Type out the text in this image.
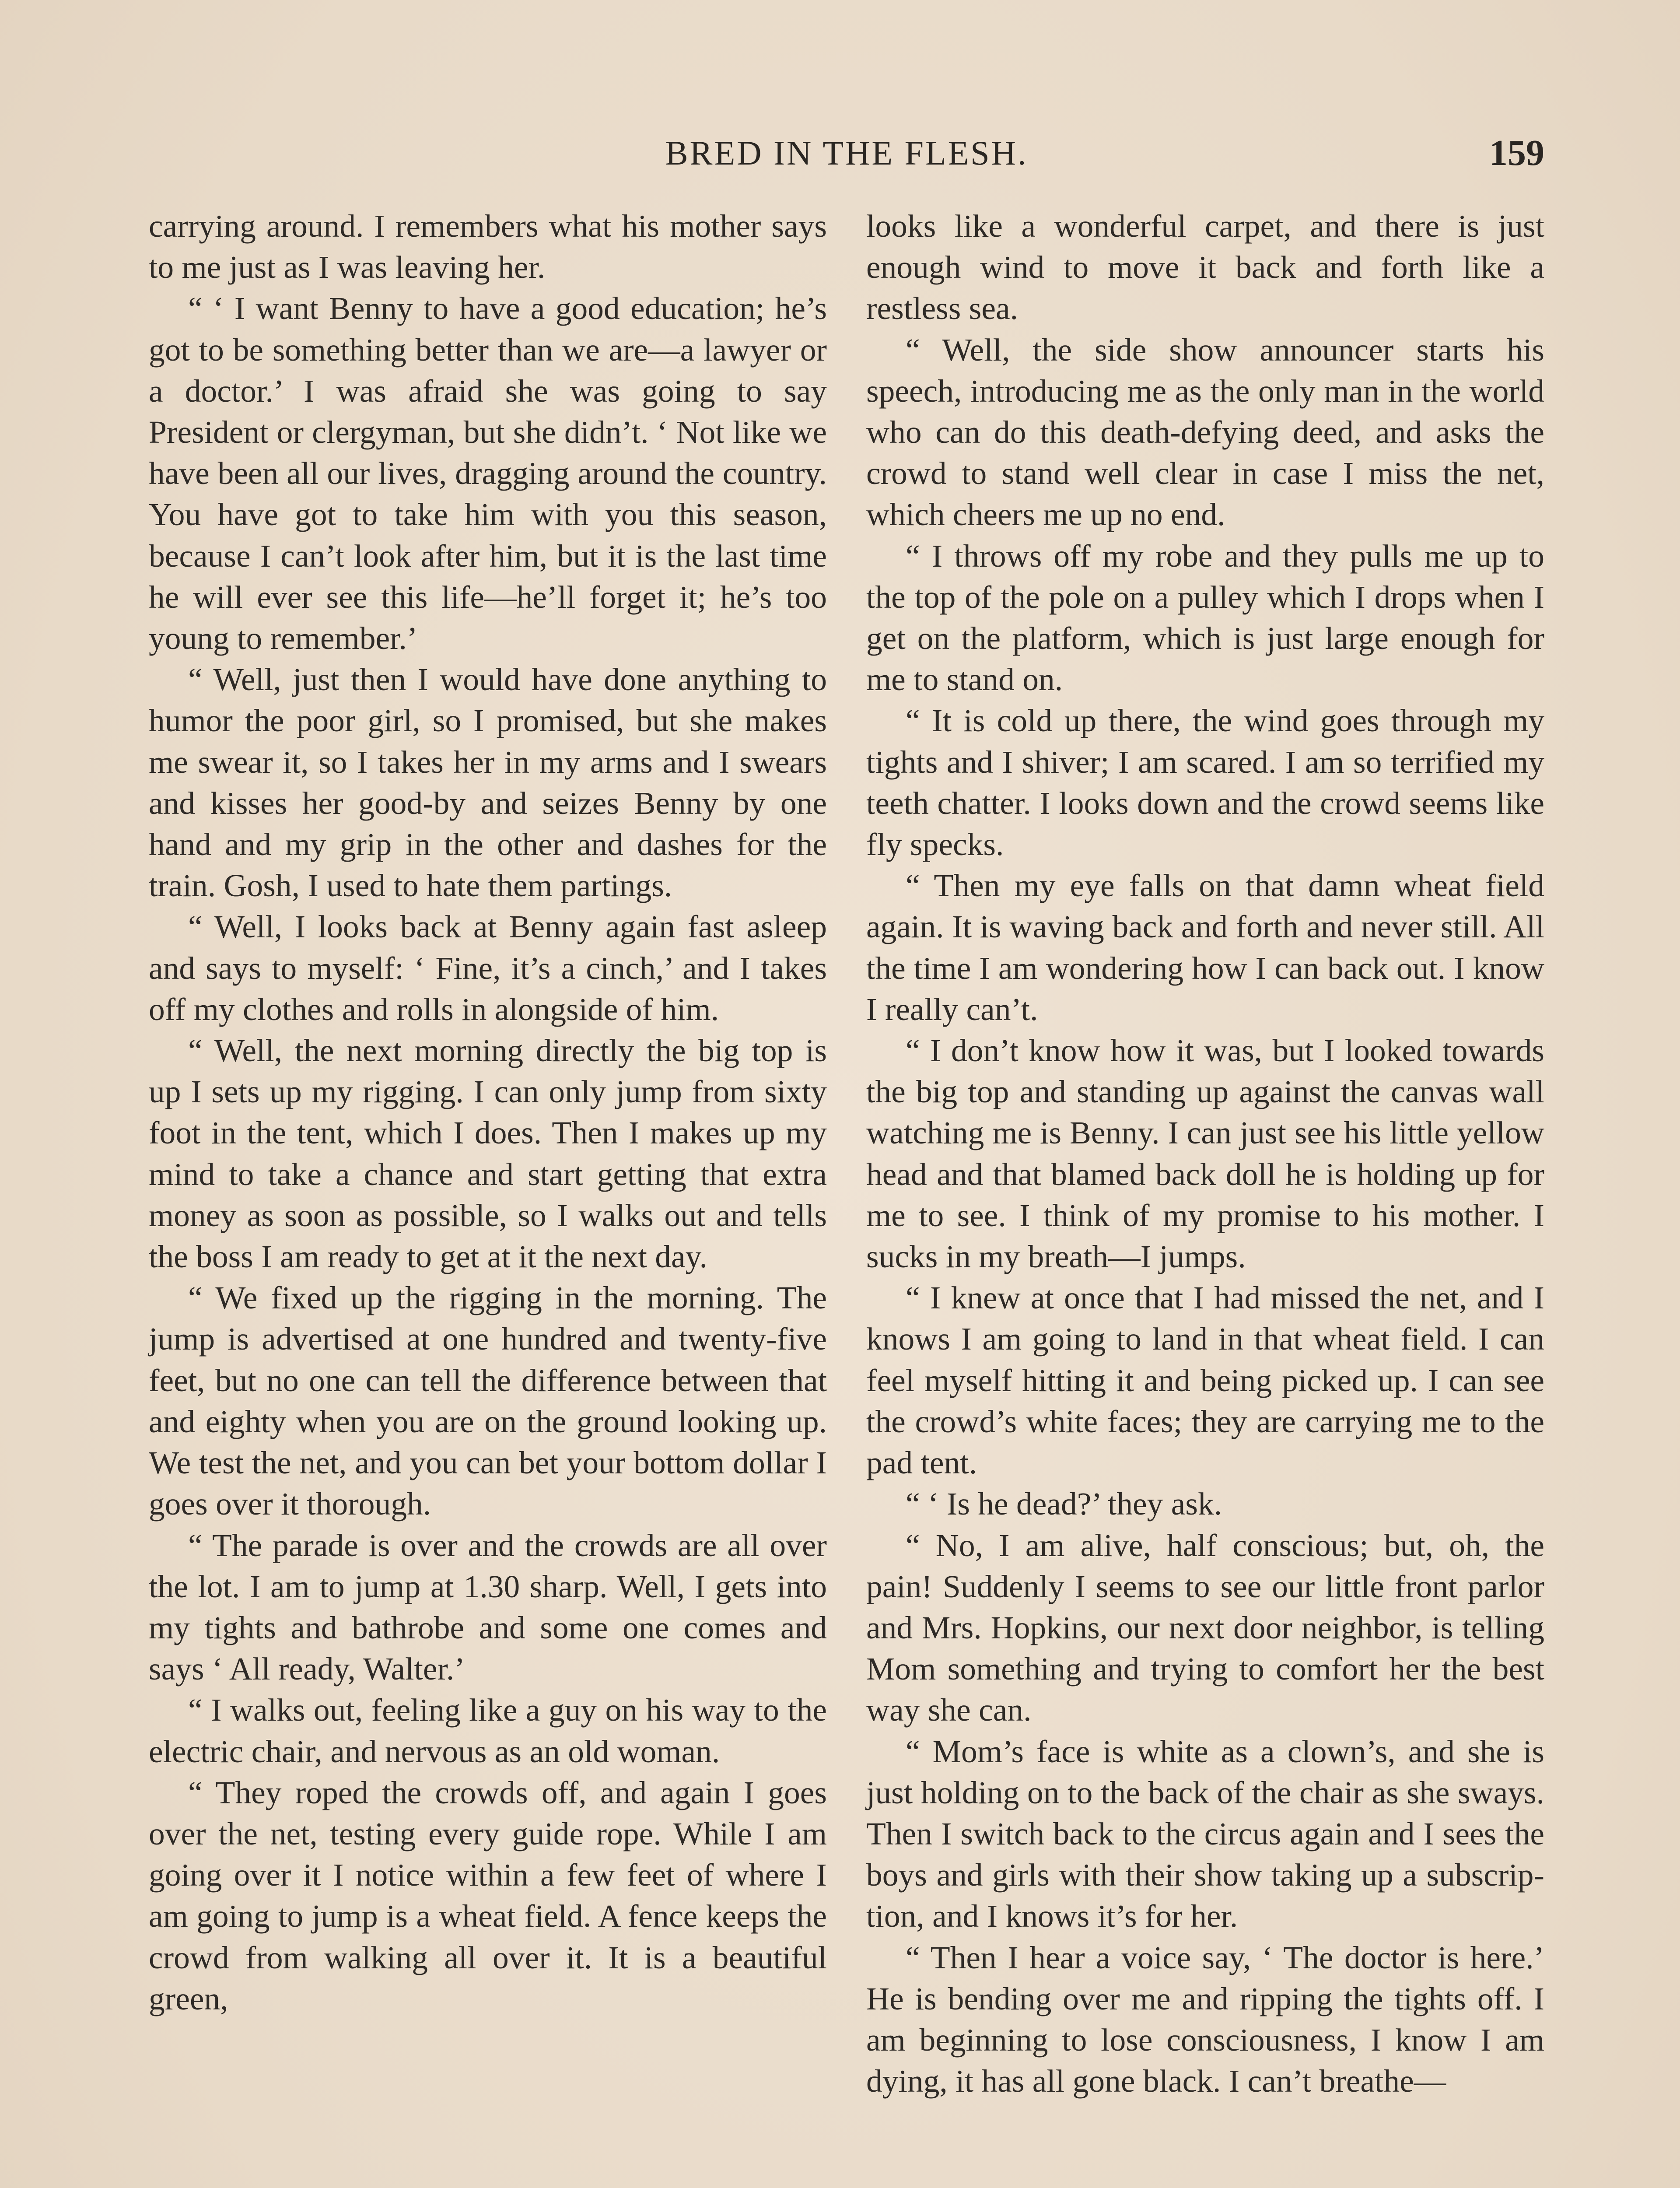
BRED IN THE FLESH.	159

carrying around. I remembers what his mother says to me just as I was leaving her.

“ ‘ I want Benny to have a good education; he’s got to be something better than we are—a lawyer or a doctor.’ I was afraid she was going to say President or clergyman, but she didn’t. ‘ Not like we have been all our lives, dragging around the country. You have got to take him with you this season, because I can’t look after him, but it is the last time he will ever see this life—he’ll forget it; he’s too young to remember.’

“ Well, just then I would have done anything to humor the poor girl, so I promised, but she makes me swear it, so I takes her in my arms and I swears and kisses her good-by and seizes Benny by one hand and my grip in the other and dashes for the train. Gosh, I used to hate them partings.

“ Well, I looks back at Benny again fast asleep and says to myself: ‘ Fine, it’s a cinch,’ and I takes off my clothes and rolls in alongside of him.

“ Well, the next morning directly the big top is up I sets up my rigging. I can only jump from sixty foot in the tent, which I does. Then I makes up my mind to take a chance and start getting that extra money as soon as possible, so I walks out and tells the boss I am ready to get at it the next day.

“ We fixed up the rigging in the morning. The jump is advertised at one hundred and twenty-five feet, but no one can tell the difference between that and eighty when you are on the ground looking up. We test the net, and you can bet your bottom dollar I goes over it thorough.

“ The parade is over and the crowds are all over the lot. I am to jump at 1.30 sharp. Well, I gets into my tights and bathrobe and some one comes and says ‘ All ready, Walter.’

“ I walks out, feeling like a guy on his way to the electric chair, and nervous as an old woman.

“ They roped the crowds off, and again I goes over the net, testing every guide rope. While I am going over it I notice within a few feet of where I am going to jump is a wheat field. A fence keeps the crowd from walking all over it. It is a beautiful green,

looks like a wonderful carpet, and there is just enough wind to move it back and forth like a restless sea.

“ Well, the side show announcer starts his speech, introducing me as the only man in the world who can do this death-defying deed, and asks the crowd to stand well clear in case I miss the net, which cheers me up no end.

“ I throws off my robe and they pulls me up to the top of the pole on a pulley which I drops when I get on the platform, which is just large enough for me to stand on.

“ It is cold up there, the wind goes through my tights and I shiver; I am scared. I am so terrified my teeth chatter. I looks down and the crowd seems like fly specks.

“ Then my eye falls on that damn wheat field again. It is waving back and forth and never still. All the time I am wondering how I can back out. I know I really can’t.

“ I don’t know how it was, but I looked towards the big top and standing up against the canvas wall watching me is Benny. I can just see his little yellow head and that blamed back doll he is holding up for me to see. I think of my promise to his mother. I sucks in my breath—I jumps.

“ I knew at once that I had missed the net, and I knows I am going to land in that wheat field. I can feel myself hitting it and being picked up. I can see the crowd’s white faces; they are carrying me to the pad tent.

“ ‘ Is he dead?’ they ask.

“ No, I am alive, half conscious; but, oh, the pain! Suddenly I seems to see our little front parlor and Mrs. Hopkins, our next door neighbor, is telling Mom something and trying to comfort her the best way she can.

“ Mom’s face is white as a clown’s, and she is just holding on to the back of the chair as she sways. Then I switch back to the circus again and I sees the boys and girls with their show taking up a subscription, and I knows it’s for her.

“ Then I hear a voice say, ‘ The doctor is here.’ He is bending over me and ripping the tights off. I am beginning to lose consciousness, I know I am dying, it has all gone black. I can’t breathe—
